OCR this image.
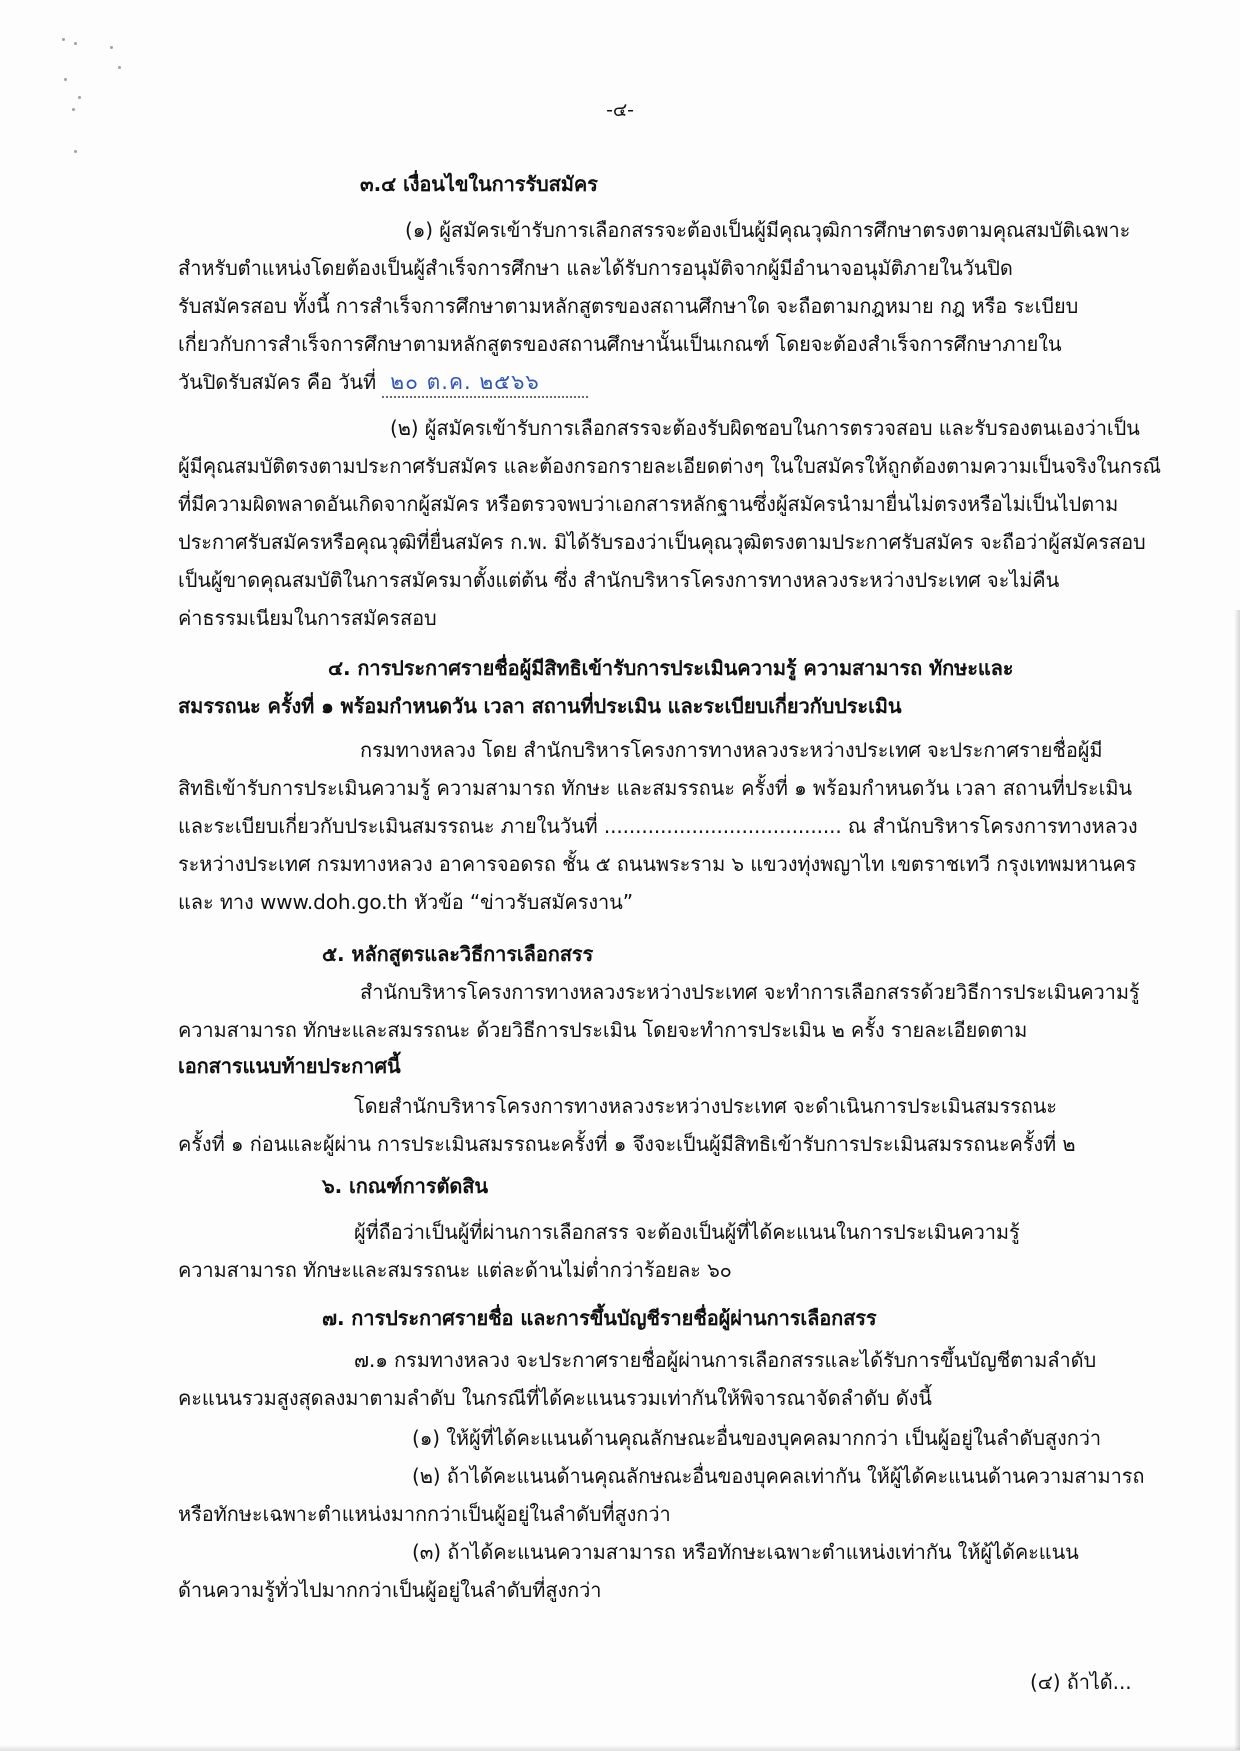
-๔-
๓.๔ เงื่อนไขในการรับสมัคร
(๑) ผู้สมัครเข้ารับการเลือกสรรจะต้องเป็นผู้มีคุณวุฒิการศึกษาตรงตามคุณสมบัติเฉพาะ
สำหรับตำแหน่งโดยต้องเป็นผู้สำเร็จการศึกษา และได้รับการอนุมัติจากผู้มีอำนาจอนุมัติภายในวันปิด
รับสมัครสอบ ทั้งนี้ การสำเร็จการศึกษาตามหลักสูตรของสถานศึกษาใด จะถือตามกฎหมาย กฎ หรือ ระเบียบ
เกี่ยวกับการสำเร็จการศึกษาตามหลักสูตรของสถานศึกษานั้นเป็นเกณฑ์ โดยจะต้องสำเร็จการศึกษาภายใน
วันปิดรับสมัคร คือ วันที่ ๒๐ ต.ค. ๒๕๖๖
(๒) ผู้สมัครเข้ารับการเลือกสรรจะต้องรับผิดชอบในการตรวจสอบ และรับรองตนเองว่าเป็น
ผู้มีคุณสมบัติตรงตามประกาศรับสมัคร และต้องกรอกรายละเอียดต่างๆ ในใบสมัครให้ถูกต้องตามความเป็นจริงในกรณี
ที่มีความผิดพลาดอันเกิดจากผู้สมัคร หรือตรวจพบว่าเอกสารหลักฐานซึ่งผู้สมัครนำมายื่นไม่ตรงหรือไม่เป็นไปตาม
ประกาศรับสมัครหรือคุณวุฒิที่ยื่นสมัคร ก.พ. มิได้รับรองว่าเป็นคุณวุฒิตรงตามประกาศรับสมัคร จะถือว่าผู้สมัครสอบ
เป็นผู้ขาดคุณสมบัติในการสมัครมาตั้งแต่ต้น ซึ่ง สำนักบริหารโครงการทางหลวงระหว่างประเทศ จะไม่คืน
ค่าธรรมเนียมในการสมัครสอบ
๔. การประกาศรายชื่อผู้มีสิทธิเข้ารับการประเมินความรู้ ความสามารถ ทักษะและ
สมรรถนะ ครั้งที่ ๑ พร้อมกำหนดวัน เวลา สถานที่ประเมิน และระเบียบเกี่ยวกับประเมิน
กรมทางหลวง โดย สำนักบริหารโครงการทางหลวงระหว่างประเทศ จะประกาศรายชื่อผู้มี
สิทธิเข้ารับการประเมินความรู้ ความสามารถ ทักษะ และสมรรถนะ ครั้งที่ ๑ พร้อมกำหนดวัน เวลา สถานที่ประเมิน
และระเบียบเกี่ยวกับประเมินสมรรถนะ ภายในวันที่ ...................................... ณ สำนักบริหารโครงการทางหลวง
ระหว่างประเทศ กรมทางหลวง อาคารจอดรถ ชั้น ๕ ถนนพระราม ๖ แขวงทุ่งพญาไท เขตราชเทวี กรุงเทพมหานคร
และ ทาง www.doh.go.th หัวข้อ “ข่าวรับสมัครงาน”
๕. หลักสูตรและวิธีการเลือกสรร
สำนักบริหารโครงการทางหลวงระหว่างประเทศ จะทำการเลือกสรรด้วยวิธีการประเมินความรู้
ความสามารถ ทักษะและสมรรถนะ ด้วยวิธีการประเมิน โดยจะทำการประเมิน ๒ ครั้ง รายละเอียดตาม
เอกสารแนบท้ายประกาศนี้
โดยสำนักบริหารโครงการทางหลวงระหว่างประเทศ จะดำเนินการประเมินสมรรถนะ
ครั้งที่ ๑ ก่อนและผู้ผ่าน การประเมินสมรรถนะครั้งที่ ๑ จึงจะเป็นผู้มีสิทธิเข้ารับการประเมินสมรรถนะครั้งที่ ๒
๖. เกณฑ์การตัดสิน
ผู้ที่ถือว่าเป็นผู้ที่ผ่านการเลือกสรร จะต้องเป็นผู้ที่ได้คะแนนในการประเมินความรู้
ความสามารถ ทักษะและสมรรถนะ แต่ละด้านไม่ต่ำกว่าร้อยละ ๖๐
๗. การประกาศรายชื่อ และการขึ้นบัญชีรายชื่อผู้ผ่านการเลือกสรร
๗.๑ กรมทางหลวง จะประกาศรายชื่อผู้ผ่านการเลือกสรรและได้รับการขึ้นบัญชีตามลำดับ
คะแนนรวมสูงสุดลงมาตามลำดับ ในกรณีที่ได้คะแนนรวมเท่ากันให้พิจารณาจัดลำดับ ดังนี้
(๑) ให้ผู้ที่ได้คะแนนด้านคุณลักษณะอื่นของบุคคลมากกว่า เป็นผู้อยู่ในลำดับสูงกว่า
(๒) ถ้าได้คะแนนด้านคุณลักษณะอื่นของบุคคลเท่ากัน ให้ผู้ได้คะแนนด้านความสามารถ
หรือทักษะเฉพาะตำแหน่งมากกว่าเป็นผู้อยู่ในลำดับที่สูงกว่า
(๓) ถ้าได้คะแนนความสามารถ หรือทักษะเฉพาะตำแหน่งเท่ากัน ให้ผู้ได้คะแนน
ด้านความรู้ทั่วไปมากกว่าเป็นผู้อยู่ในลำดับที่สูงกว่า
(๔) ถ้าได้...
